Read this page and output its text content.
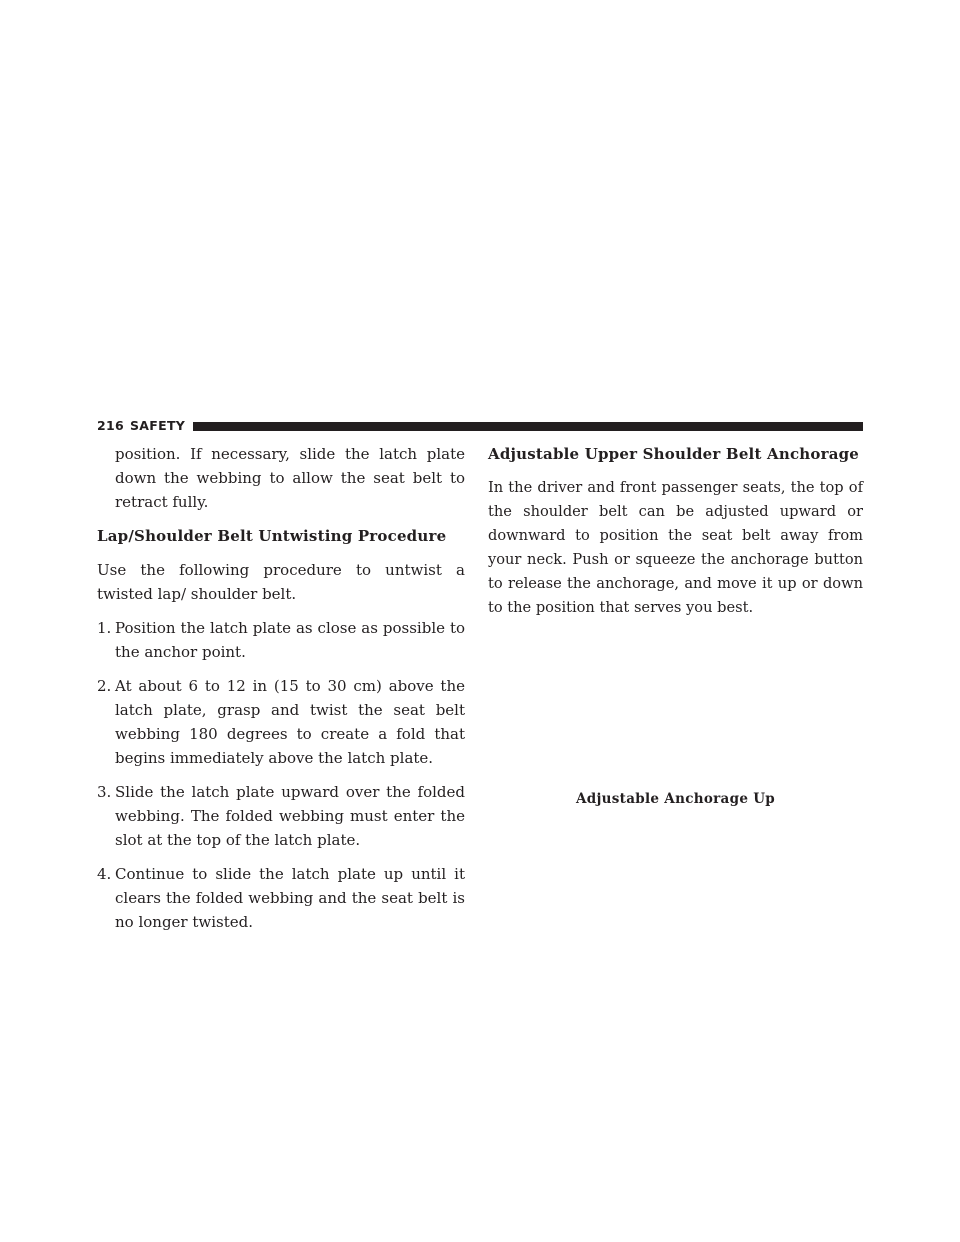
216 SAFETY

position. If necessary, slide the latch plate down the webbing to allow the seat belt to retract fully.

Lap/Shoulder Belt Untwisting Procedure

Use the following procedure to untwist a twisted lap/ shoulder belt.

1. Position the latch plate as close as possible to the anchor point.
2. At about 6 to 12 in (15 to 30 cm) above the latch plate, grasp and twist the seat belt webbing 180 degrees to create a fold that begins immediately above the latch plate.
3. Slide the latch plate upward over the folded webbing. The folded webbing must enter the slot at the top of the latch plate.
4. Continue to slide the latch plate up until it clears the folded webbing and the seat belt is no longer twisted.
Adjustable Upper Shoulder Belt Anchorage

In the driver and front passenger seats, the top of the shoulder belt can be adjusted upward or downward to position the seat belt away from your neck. Push or squeeze the anchorage button to release the anchorage, and move it up or down to the position that serves you best.

Adjustable Anchorage Up
